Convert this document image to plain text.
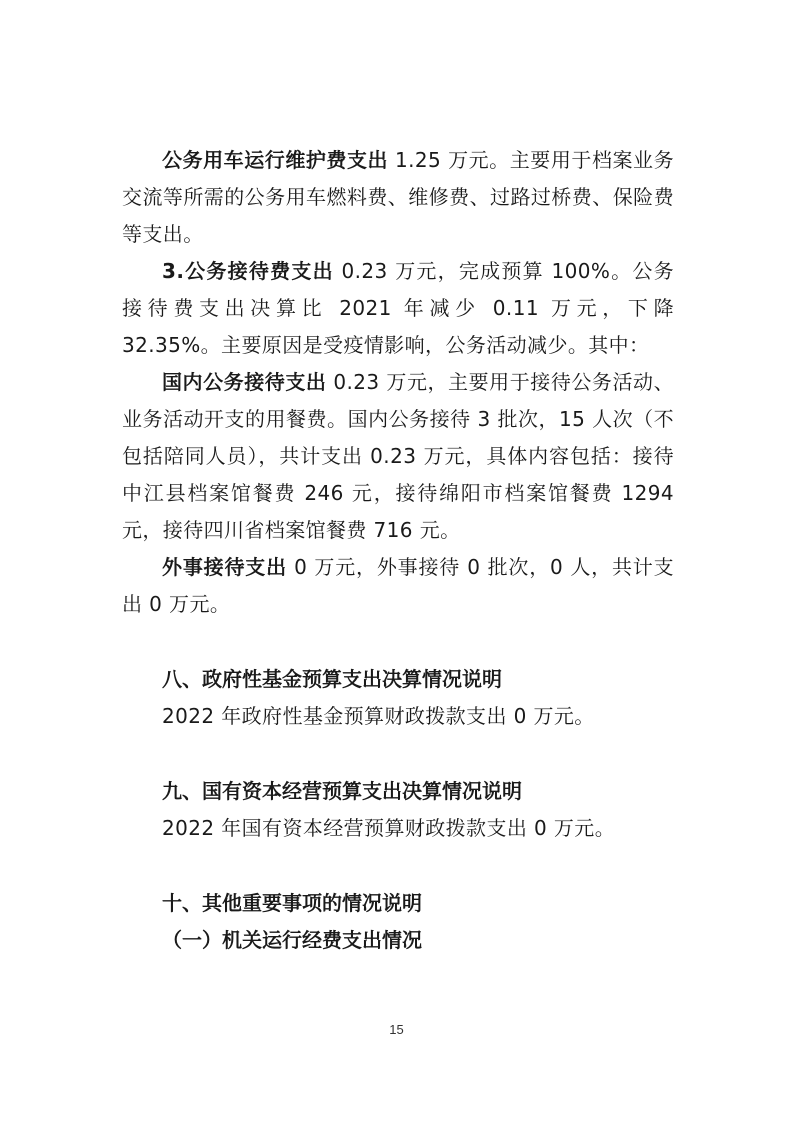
公务用车运行维护费支出 1.25 万元。主要用于档案业务交流等所需的公务用车燃料费、维修费、过路过桥费、保险费等支出。

3.公务接待费支出 0.23 万元，完成预算 100%。公务接待费支出决算比 2021 年减少 0.11 万元，下降 32.35%。主要原因是受疫情影响，公务活动减少。其中：

国内公务接待支出 0.23 万元，主要用于接待公务活动、业务活动开支的用餐费。国内公务接待 3 批次，15 人次（不包括陪同人员），共计支出 0.23 万元，具体内容包括：接待中江县档案馆餐费 246 元，接待绵阳市档案馆餐费 1294 元，接待四川省档案馆餐费 716 元。

外事接待支出 0 万元，外事接待 0 批次，0 人，共计支出 0 万元。

八、政府性基金预算支出决算情况说明

2022 年政府性基金预算财政拨款支出 0 万元。

九、国有资本经营预算支出决算情况说明

2022 年国有资本经营预算财政拨款支出 0 万元。

十、其他重要事项的情况说明

（一）机关运行经费支出情况

15
